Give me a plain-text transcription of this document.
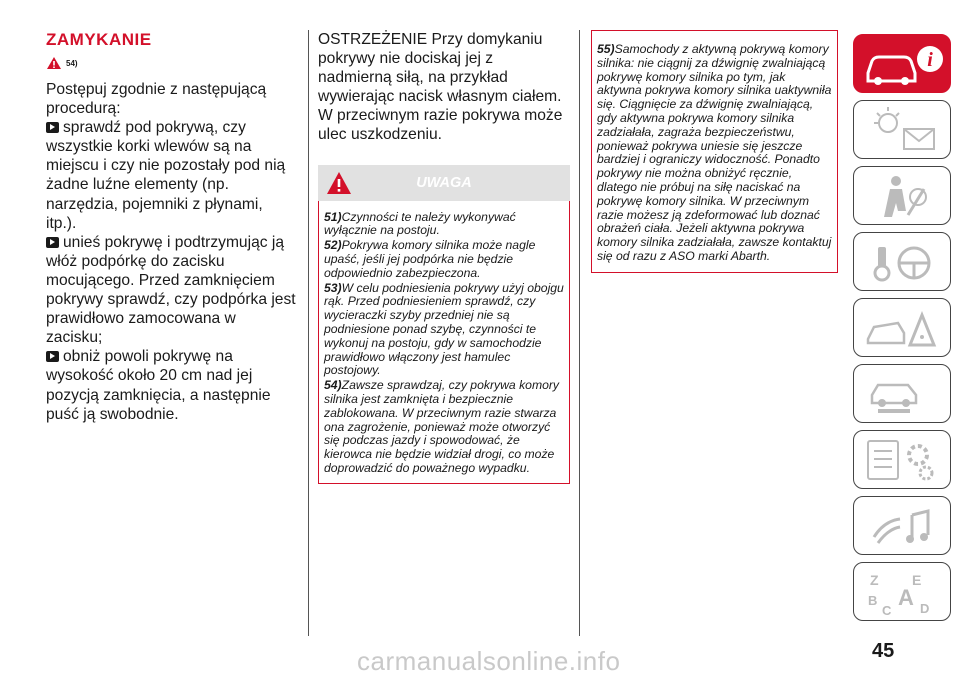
ZAMYKANIE
54)

Postępuj zgodnie z następującą procedurą:

sprawdź pod pokrywą, czy wszystkie korki wlewów są na miejscu i czy nie pozostały pod nią żadne luźne elementy (np. narzędzia, pojemniki z płynami, itp.).

unieś pokrywę i podtrzymując ją włóż podpórkę do zacisku mocującego. Przed zamknięciem pokrywy sprawdź, czy podpórka jest prawidłowo zamocowana w zacisku;

obniż powoli pokrywę na wysokość około 20 cm nad jej pozycją zamknięcia, a następnie puść ją swobodnie.

OSTRZEŻENIE Przy domykaniu pokrywy nie dociskaj jej z nadmierną siłą, na przykład wywierając nacisk własnym ciałem. W przeciwnym razie pokrywa może ulec uszkodzeniu.

UWAGA

51)Czynności te należy wykonywać wyłącznie na postoju.

52)Pokrywa komory silnika może nagle upaść, jeśli jej podpórka nie będzie odpowiednio zabezpieczona.

53)W celu podniesienia pokrywy użyj obojgu rąk. Przed podniesieniem sprawdź, czy wycieraczki szyby przedniej nie są podniesione ponad szybę, czynności te wykonuj na postoju, gdy w samochodzie prawidłowo włączony jest hamulec postojowy.

54)Zawsze sprawdzaj, czy pokrywa komory silnika jest zamknięta i bezpiecznie zablokowana. W przeciwnym razie stwarza ona zagrożenie, ponieważ może otworzyć się podczas jazdy i spowodować, że kierowca nie będzie widział drogi, co może doprowadzić do poważnego wypadku.

55)Samochody z aktywną pokrywą komory silnika: nie ciągnij za dźwignię zwalniającą pokrywę komory silnika po tym, jak aktywna pokrywa komory silnika uaktywniła się. Ciągnięcie za dźwignię zwalniającą, gdy aktywna pokrywa komory silnika zadziałała, zagraża bezpieczeństwu, ponieważ pokrywa uniesie się jeszcze bardziej i ograniczy widoczność. Ponadto pokrywy nie można obniżyć ręcznie, dlatego nie próbuj na siłę naciskać na pokrywę komory silnika. W przeciwnym razie możesz ją zdeformować lub doznać obrażeń ciała. Jeżeli aktywna pokrywa komory silnika zadziałała, zawsze kontaktuj się od razu z ASO marki Abarth.
i
Z
B
C
A
E
D
45
carmanualsonline.info
